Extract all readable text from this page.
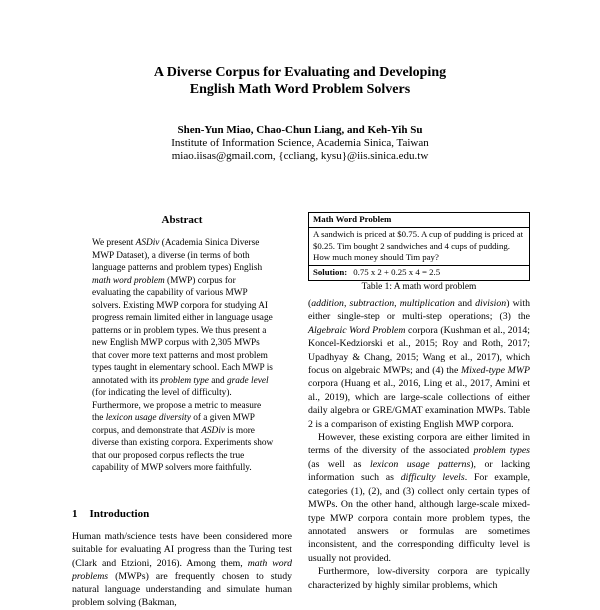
A Diverse Corpus for Evaluating and Developing
English Math Word Problem Solvers
Shen-Yun Miao, Chao-Chun Liang, and Keh-Yih Su
Institute of Information Science, Academia Sinica, Taiwan
miao.iisas@gmail.com, {ccliang, kysu}@iis.sinica.edu.tw
Abstract

We present ASDiv (Academia Sinica Diverse MWP Dataset), a diverse (in terms of both language patterns and problem types) English math word problem (MWP) corpus for evaluating the capability of various MWP solvers. Existing MWP corpora for studying AI progress remain limited either in language usage patterns or in problem types. We thus present a new English MWP corpus with 2,305 MWPs that cover more text patterns and most problem types taught in elementary school. Each MWP is annotated with its problem type and grade level (for indicating the level of difficulty). Furthermore, we propose a metric to measure the lexicon usage diversity of a given MWP corpus, and demonstrate that ASDiv is more diverse than existing corpora. Experiments show that our proposed corpus reflects the true capability of MWP solvers more faithfully.

1 Introduction

Human math/science tests have been considered more suitable for evaluating AI progress than the Turing test (Clark and Etzioni, 2016). Among them, math word problems (MWPs) are frequently chosen to study natural language understanding and simulate human problem solving (Bakman,

Math Word Problem
A sandwich is priced at $0.75. A cup of pudding is priced at $0.25. Tim bought 2 sandwiches and 4 cups of pudding. How much money should Tim pay?
Solution: 0.75 x 2 + 0.25 x 4 = 2.5
Table 1: A math word problem

(addition, subtraction, multiplication and division) with either single-step or multi-step operations; (3) the Algebraic Word Problem corpora (Kushman et al., 2014; Koncel-Kedziorski et al., 2015; Roy and Roth, 2017; Upadhyay & Chang, 2015; Wang et al., 2017), which focus on algebraic MWPs; and (4) the Mixed-type MWP corpora (Huang et al., 2016, Ling et al., 2017, Amini et al., 2019), which are large-scale collections of either daily algebra or GRE/GMAT examination MWPs. Table 2 is a comparison of existing English MWP corpora.

However, these existing corpora are either limited in terms of the diversity of the associated problem types (as well as lexicon usage patterns), or lacking information such as difficulty levels. For example, categories (1), (2), and (3) collect only certain types of MWPs. On the other hand, although large-scale mixed-type MWP corpora contain more problem types, the annotated answers or formulas are sometimes inconsistent, and the corresponding difficulty level is usually not provided.

Furthermore, low-diversity corpora are typically characterized by highly similar problems, which
